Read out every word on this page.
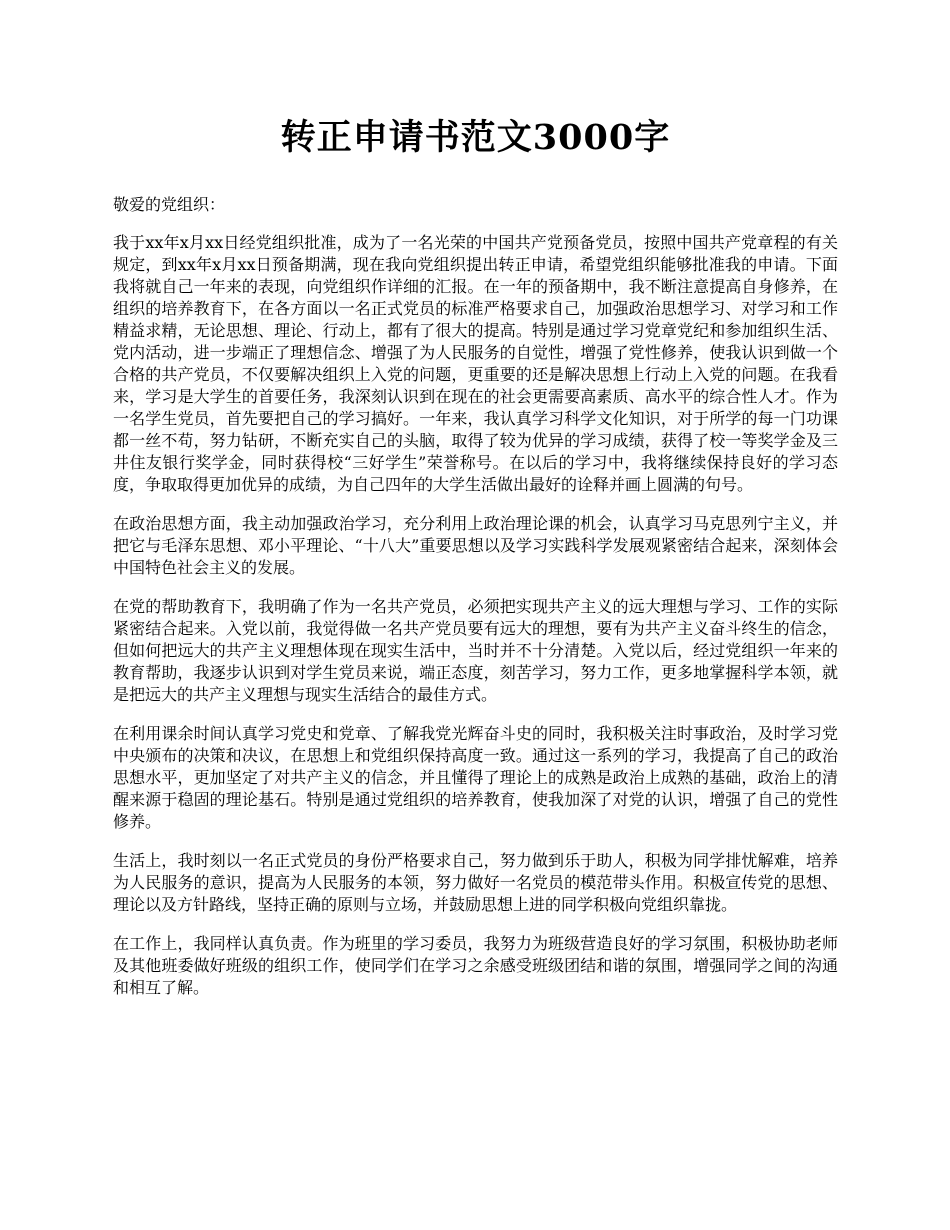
转正申请书范文3000字

敬爱的党组织：

我于xx年x月xx日经党组织批准，成为了一名光荣的中国共产党预备党员，按照中国共产党章程的有关规定，到xx年x月xx日预备期满，现在我向党组织提出转正申请，希望党组织能够批准我的申请。下面我将就自己一年来的表现，向党组织作详细的汇报。在一年的预备期中，我不断注意提高自身修养，在组织的培养教育下，在各方面以一名正式党员的标准严格要求自己，加强政治思想学习、对学习和工作精益求精，无论思想、理论、行动上，都有了很大的提高。特别是通过学习党章党纪和参加组织生活、党内活动，进一步端正了理想信念、增强了为人民服务的自觉性，增强了党性修养，使我认识到做一个合格的共产党员，不仅要解决组织上入党的问题，更重要的还是解决思想上行动上入党的问题。在我看来，学习是大学生的首要任务，我深刻认识到在现在的社会更需要高素质、高水平的综合性人才。作为一名学生党员，首先要把自己的学习搞好。一年来，我认真学习科学文化知识，对于所学的每一门功课都一丝不苟，努力钻研，不断充实自己的头脑，取得了较为优异的学习成绩，获得了校一等奖学金及三井住友银行奖学金，同时获得校“三好学生”荣誉称号。在以后的学习中，我将继续保持良好的学习态度，争取取得更加优异的成绩，为自己四年的大学生活做出最好的诠释并画上圆满的句号。

在政治思想方面，我主动加强政治学习，充分利用上政治理论课的机会，认真学习马克思列宁主义，并把它与毛泽东思想、邓小平理论、“十八大”重要思想以及学习实践科学发展观紧密结合起来，深刻体会中国特色社会主义的发展。

在党的帮助教育下，我明确了作为一名共产党员，必须把实现共产主义的远大理想与学习、工作的实际紧密结合起来。入党以前，我觉得做一名共产党员要有远大的理想，要有为共产主义奋斗终生的信念，但如何把远大的共产主义理想体现在现实生活中，当时并不十分清楚。入党以后，经过党组织一年来的教育帮助，我逐步认识到对学生党员来说，端正态度，刻苦学习，努力工作，更多地掌握科学本领，就是把远大的共产主义理想与现实生活结合的最佳方式。

在利用课余时间认真学习党史和党章、了解我党光辉奋斗史的同时，我积极关注时事政治，及时学习党中央颁布的决策和决议，在思想上和党组织保持高度一致。通过这一系列的学习，我提高了自己的政治思想水平，更加坚定了对共产主义的信念，并且懂得了理论上的成熟是政治上成熟的基础，政治上的清醒来源于稳固的理论基石。特别是通过党组织的培养教育，使我加深了对党的认识，增强了自己的党性修养。

生活上，我时刻以一名正式党员的身份严格要求自己，努力做到乐于助人，积极为同学排忧解难，培养为人民服务的意识，提高为人民服务的本领，努力做好一名党员的模范带头作用。积极宣传党的思想、理论以及方针路线，坚持正确的原则与立场，并鼓励思想上进的同学积极向党组织靠拢。

在工作上，我同样认真负责。作为班里的学习委员，我努力为班级营造良好的学习氛围，积极协助老师及其他班委做好班级的组织工作，使同学们在学习之余感受班级团结和谐的氛围，增强同学之间的沟通和相互了解。
